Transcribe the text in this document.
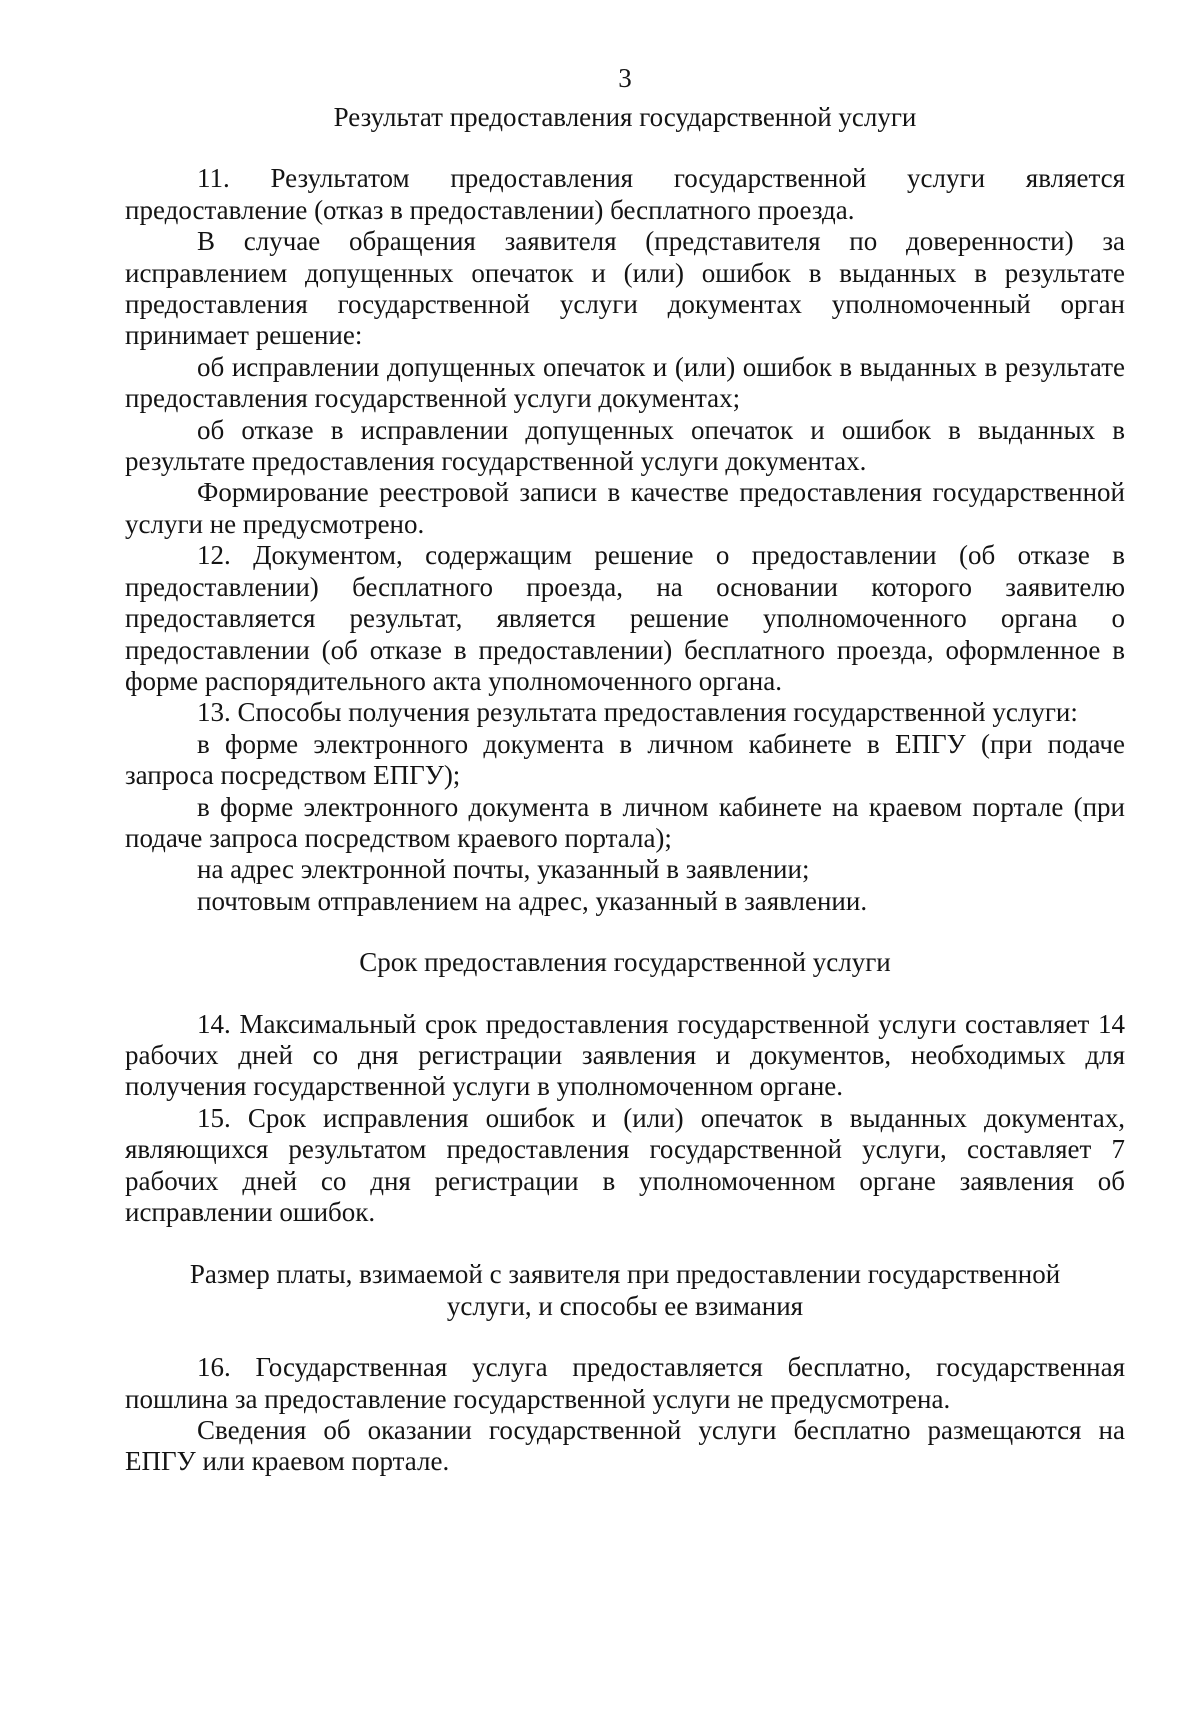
3
Результат предоставления государственной услуги

11. Результатом предоставления государственной услуги является предоставление (отказ в предоставлении) бесплатного проезда.

В случае обращения заявителя (представителя по доверенности) за исправлением допущенных опечаток и (или) ошибок в выданных в результате предоставления государственной услуги документах уполномоченный орган принимает решение:

об исправлении допущенных опечаток и (или) ошибок в выданных в результате предоставления государственной услуги документах;

об отказе в исправлении допущенных опечаток и ошибок в выданных в результате предоставления государственной услуги документах.

Формирование реестровой записи в качестве предоставления государственной услуги не предусмотрено.

12. Документом, содержащим решение о предоставлении (об отказе в предоставлении) бесплатного проезда, на основании которого заявителю предоставляется результат, является решение уполномоченного органа о предоставлении (об отказе в предоставлении) бесплатного проезда, оформленное в форме распорядительного акта уполномоченного органа.

13. Способы получения результата предоставления государственной услуги:

в форме электронного документа в личном кабинете в ЕПГУ (при подаче запроса посредством ЕПГУ);

в форме электронного документа в личном кабинете на краевом портале (при подаче запроса посредством краевого портала);

на адрес электронной почты, указанный в заявлении;

почтовым отправлением на адрес, указанный в заявлении.

Срок предоставления государственной услуги

14. Максимальный срок предоставления государственной услуги составляет 14 рабочих дней со дня регистрации заявления и документов, необходимых для получения государственной услуги в уполномоченном органе.

15. Срок исправления ошибок и (или) опечаток в выданных документах, являющихся результатом предоставления государственной услуги, составляет 7 рабочих дней со дня регистрации в уполномоченном органе заявления об исправлении ошибок.

Размер платы, взимаемой с заявителя при предоставлении государственной
услуги, и способы ее взимания

16. Государственная услуга предоставляется бесплатно, государственная пошлина за предоставление государственной услуги не предусмотрена.

Сведения об оказании государственной услуги бесплатно размещаются на ЕПГУ или краевом портале.
